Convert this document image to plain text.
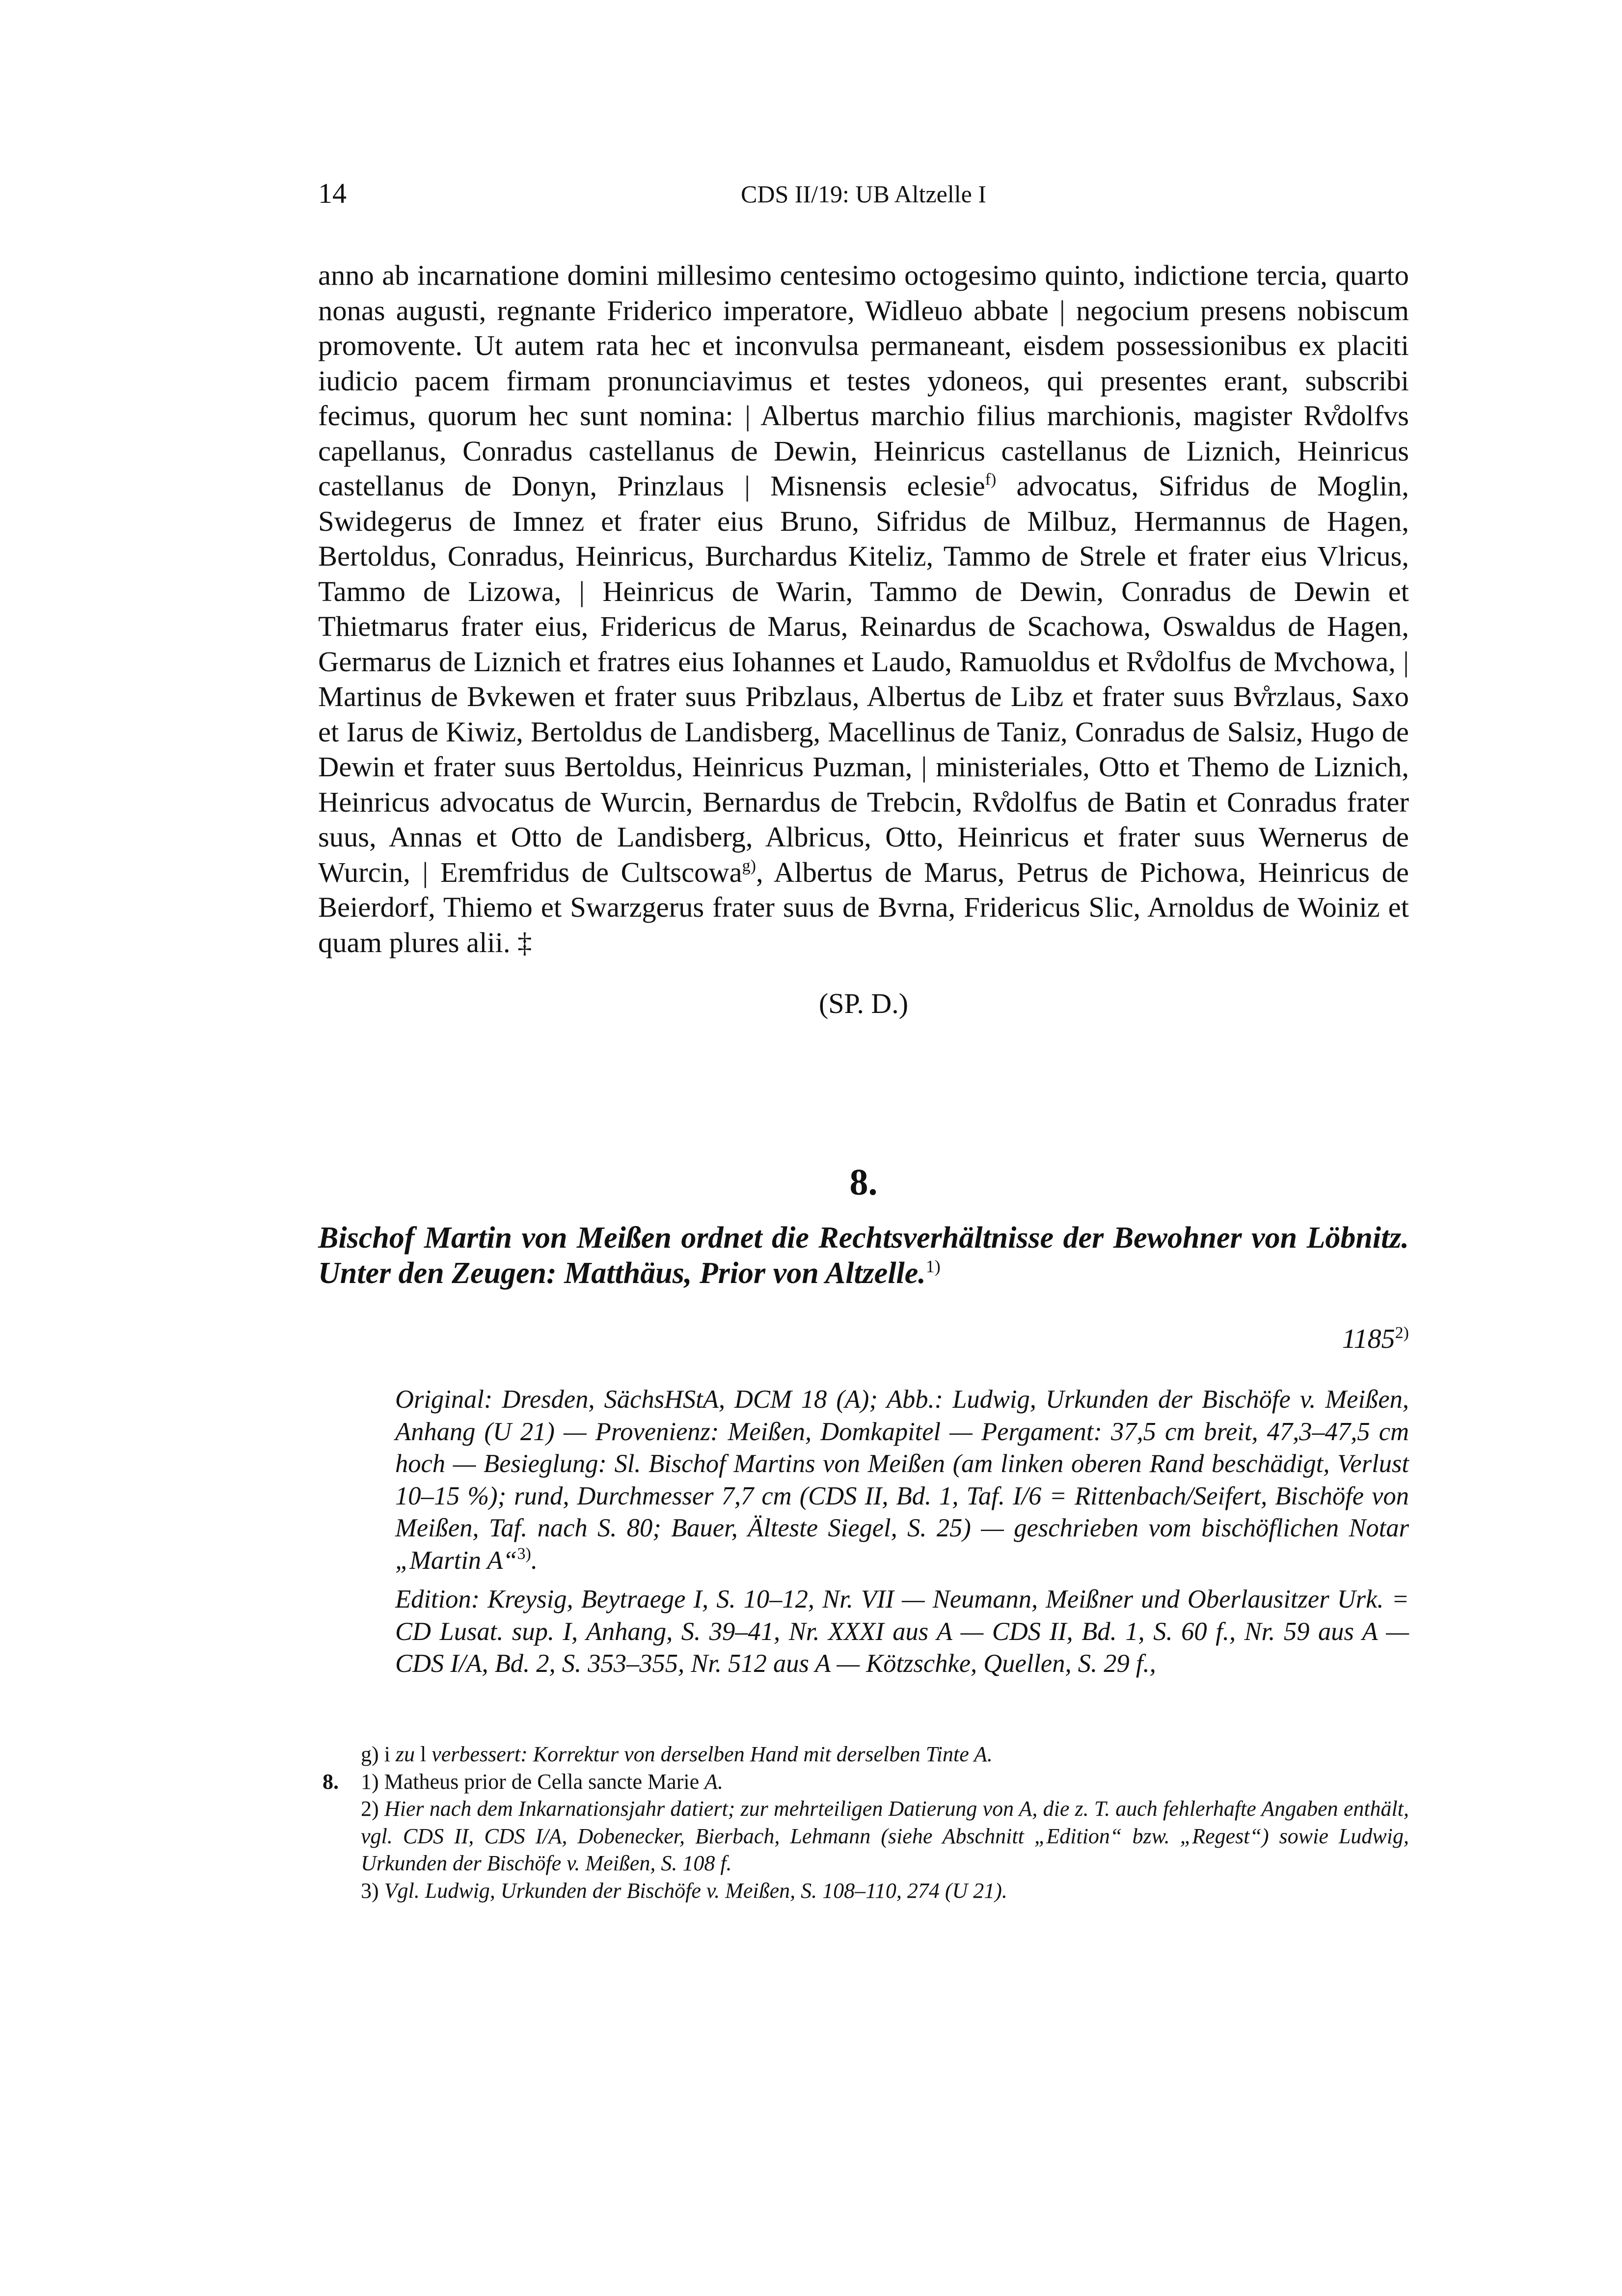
14	CDS II/19: UB Altzelle I

anno ab incarnatione domini millesimo centesimo octogesimo quinto, indictione tercia, quarto nonas augusti, regnante Friderico imperatore, Widleuo abbate | negocium presens nobiscum promovente. Ut autem rata hec et inconvulsa permaneant, eisdem possessionibus ex placiti iudicio pacem firmam pronunciavimus et testes ydoneos, qui presentes erant, subscribi fecimus, quorum hec sunt nomina: | Albertus marchio filius marchionis, magister Rv̊dolfvs capellanus, Conradus castellanus de Dewin, Heinricus castellanus de Liznich, Heinricus castellanus de Donyn, Prinzlaus | Misnensis eclesie$^{f)}$ advocatus, Sifridus de Moglin, Swidegerus de Imnez et frater eius Bruno, Sifridus de Milbuz, Hermannus de Hagen, Bertoldus, Conradus, Heinricus, Burchardus Kiteliz, Tammo de Strele et frater eius Vlricus, Tammo de Lizowa, | Heinricus de Warin, Tammo de Dewin, Conradus de Dewin et Thietmarus frater eius, Fridericus de Marus, Reinardus de Scachowa, Oswaldus de Hagen, Germarus de Liznich et fratres eius Iohannes et Laudo, Ramuoldus et Rv̊dolfus de Mvchowa, | Martinus de Bvkewen et frater suus Pribzlaus, Albertus de Libz et frater suus Bv̊rzlaus, Saxo et Iarus de Kiwiz, Bertoldus de Landisberg, Macellinus de Taniz, Conradus de Salsiz, Hugo de Dewin et frater suus Bertoldus, Heinricus Puzman, | ministeriales, Otto et Themo de Liznich, Heinricus advocatus de Wurcin, Bernardus de Trebcin, Rv̊dolfus de Batin et Conradus frater suus, Annas et Otto de Landisberg, Albricus, Otto, Heinricus et frater suus Wernerus de Wurcin, | Eremfridus de Cultscowa$^{g)}$, Albertus de Marus, Petrus de Pichowa, Heinricus de Beierdorf, Thiemo et Swarzgerus frater suus de Bvrna, Fridericus Slic, Arnoldus de Woiniz et quam plures alii. ‡

(SP. D.)
8.
Bischof Martin von Meißen ordnet die Rechtsverhältnisse der Bewohner von Löbnitz. Unter den Zeugen: Matthäus, Prior von Altzelle.$^{1)}$
1185$^{2)}$

Original: Dresden, SächsHStA, DCM 18 (A); Abb.: Ludwig, Urkunden der Bischöfe v. Meißen, Anhang (U 21) — Provenienz: Meißen, Domkapitel — Pergament: 37,5 cm breit, 47,3–47,5 cm hoch — Besieglung: Sl. Bischof Martins von Meißen (am linken oberen Rand beschädigt, Verlust 10–15 %); rund, Durchmesser 7,7 cm (CDS II, Bd. 1, Taf. I/6 = Rittenbach/Seifert, Bischöfe von Meißen, Taf. nach S. 80; Bauer, Älteste Siegel, S. 25) — geschrieben vom bischöflichen Notar „Martin A“$^{3)}$.

Edition: Kreysig, Beytraege I, S. 10–12, Nr. VII — Neumann, Meißner und Oberlausitzer Urk. = CD Lusat. sup. I, Anhang, S. 39–41, Nr. XXXI aus A — CDS II, Bd. 1, S. 60 f., Nr. 59 aus A — CDS I/A, Bd. 2, S. 353–355, Nr. 512 aus A — Kötzschke, Quellen, S. 29 f.,

g) i zu l verbessert: Korrektur von derselben Hand mit derselben Tinte A.

8. 1) Matheus prior de Cella sancte Marie A.

2) Hier nach dem Inkarnationsjahr datiert; zur mehrteiligen Datierung von A, die z. T. auch fehlerhafte Angaben enthält, vgl. CDS II, CDS I/A, Dobenecker, Bierbach, Lehmann (siehe Abschnitt „Edition“ bzw. „Regest“) sowie Ludwig, Urkunden der Bischöfe v. Meißen, S. 108 f.

3) Vgl. Ludwig, Urkunden der Bischöfe v. Meißen, S. 108–110, 274 (U 21).
